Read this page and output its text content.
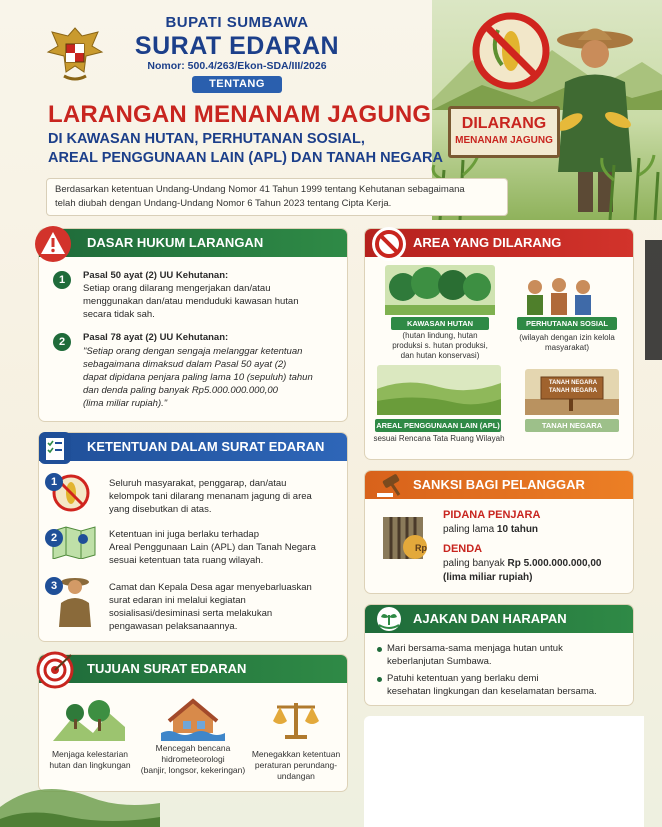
DILARANG
MENANAM JAGUNG
BUPATI SUMBAWA
SURAT EDARAN
Nomor: 500.4/263/Ekon-SDA/III/2026
TENTANG
LARANGAN MENANAM JAGUNG
DI KAWASAN HUTAN, PERHUTANAN SOSIAL,
AREAL PENGGUNAAN LAIN (APL) DAN TANAH NEGARA
Berdasarkan ketentuan Undang-Undang Nomor 41 Tahun 1999 tentang Kehutanan sebagaimana
telah diubah dengan Undang-Undang Nomor 6 Tahun 2023 tentang Cipta Kerja.
DASAR HUKUM LARANGAN
1	Pasal 50 ayat (2) UU Kehutanan:
Setiap orang dilarang mengerjakan dan/atau
menggunakan dan/atau menduduki kawasan hutan
secara tidak sah.
2	Pasal 78 ayat (2) UU Kehutanan:
"Setiap orang dengan sengaja melanggar ketentuan
sebagaimana dimaksud dalam Pasal 50 ayat (2)
dapat dipidana penjara paling lama 10 (sepuluh) tahun
dan denda paling banyak Rp5.000.000.000,00
(lima miliar rupiah)."
KETENTUAN DALAM SURAT EDARAN
1	Seluruh masyarakat, penggarap, dan/atau
kelompok tani dilarang menanam jagung di area
yang disebutkan di atas.
2	Ketentuan ini juga berlaku terhadap
Areal Penggunaan Lain (APL) dan Tanah Negara
sesuai ketentuan tata ruang wilayah.
3	Camat dan Kepala Desa agar menyebarluaskan
surat edaran ini melalui kegiatan
sosialisasi/desiminasi serta melakukan
pengawasan pelaksanaannya.
TUJUAN SURAT EDARAN
Menjaga kelestarian
hutan dan lingkungan
Mencegah bencana
hidrometeorologi
(banjir, longsor, kekeringan)
Menegakkan ketentuan
peraturan perundang-
undangan
AREA YANG DILARANG
KAWASAN HUTAN
(hutan lindung, hutan
produksi s. hutan produksi,
dan hutan konservasi)
PERHUTANAN SOSIAL
(wilayah dengan izin kelola
masyarakat)
AREAL PENGGUNAAN LAIN (APL)
sesuai Rencana Tata Ruang Wilayah
TANAH NEGARA
TANAH NEGARA
TANAH NEGARA
SANKSI BAGI PELANGGAR
Rp
PIDANA PENJARA
paling lama 10 tahun
DENDA
paling banyak Rp 5.000.000.000,00
(lima miliar rupiah)
AJAKAN DAN HARAPAN
Mari bersama-sama menjaga hutan untuk
keberlanjutan Sumbawa.
Patuhi ketentuan yang berlaku demi
kesehatan lingkungan dan keselamatan bersama.
